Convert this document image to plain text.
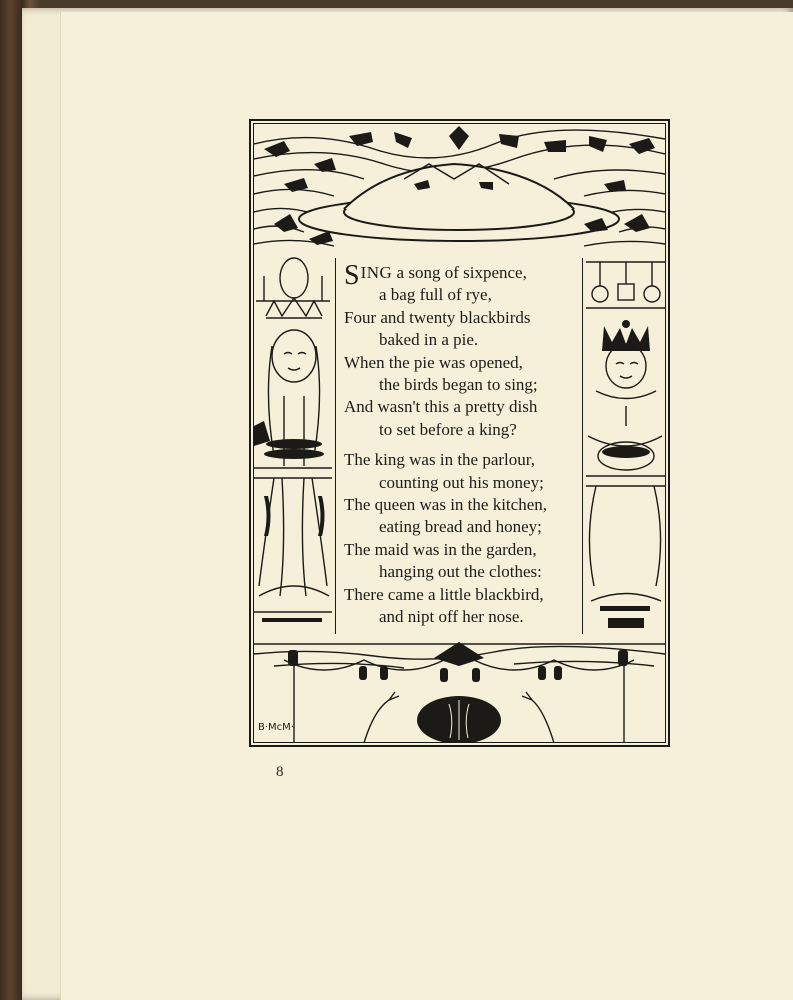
SING a song of sixpence,
a bag full of rye,
Four and twenty blackbirds
baked in a pie.
When the pie was opened,
the birds began to sing;
And wasn't this a pretty dish
to set before a king?
The king was in the parlour,
counting out his money;
The queen was in the kitchen,
eating bread and honey;
The maid was in the garden,
hanging out the clothes:
There came a little blackbird,
and nipt off her nose.
B·McM·
8
